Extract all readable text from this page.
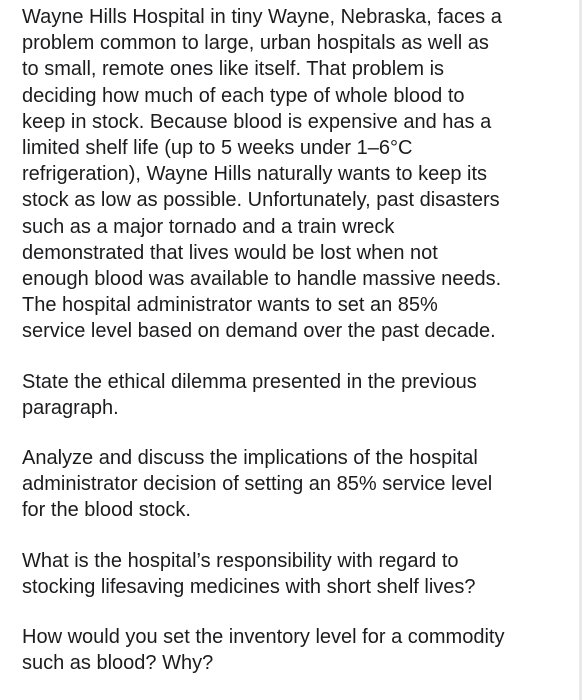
Wayne Hills Hospital in tiny Wayne, Nebraska, faces a
problem common to large, urban hospitals as well as
to small, remote ones like itself. That problem is
deciding how much of each type of whole blood to
keep in stock. Because blood is expensive and has a
limited shelf life (up to 5 weeks under 1–6°C
refrigeration), Wayne Hills naturally wants to keep its
stock as low as possible. Unfortunately, past disasters
such as a major tornado and a train wreck
demonstrated that lives would be lost when not
enough blood was available to handle massive needs.
The hospital administrator wants to set an 85%
service level based on demand over the past decade.

State the ethical dilemma presented in the previous
paragraph.

Analyze and discuss the implications of the hospital
administrator decision of setting an 85% service level
for the blood stock.

What is the hospital’s responsibility with regard to
stocking lifesaving medicines with short shelf lives?

How would you set the inventory level for a commodity
such as blood? Why?
